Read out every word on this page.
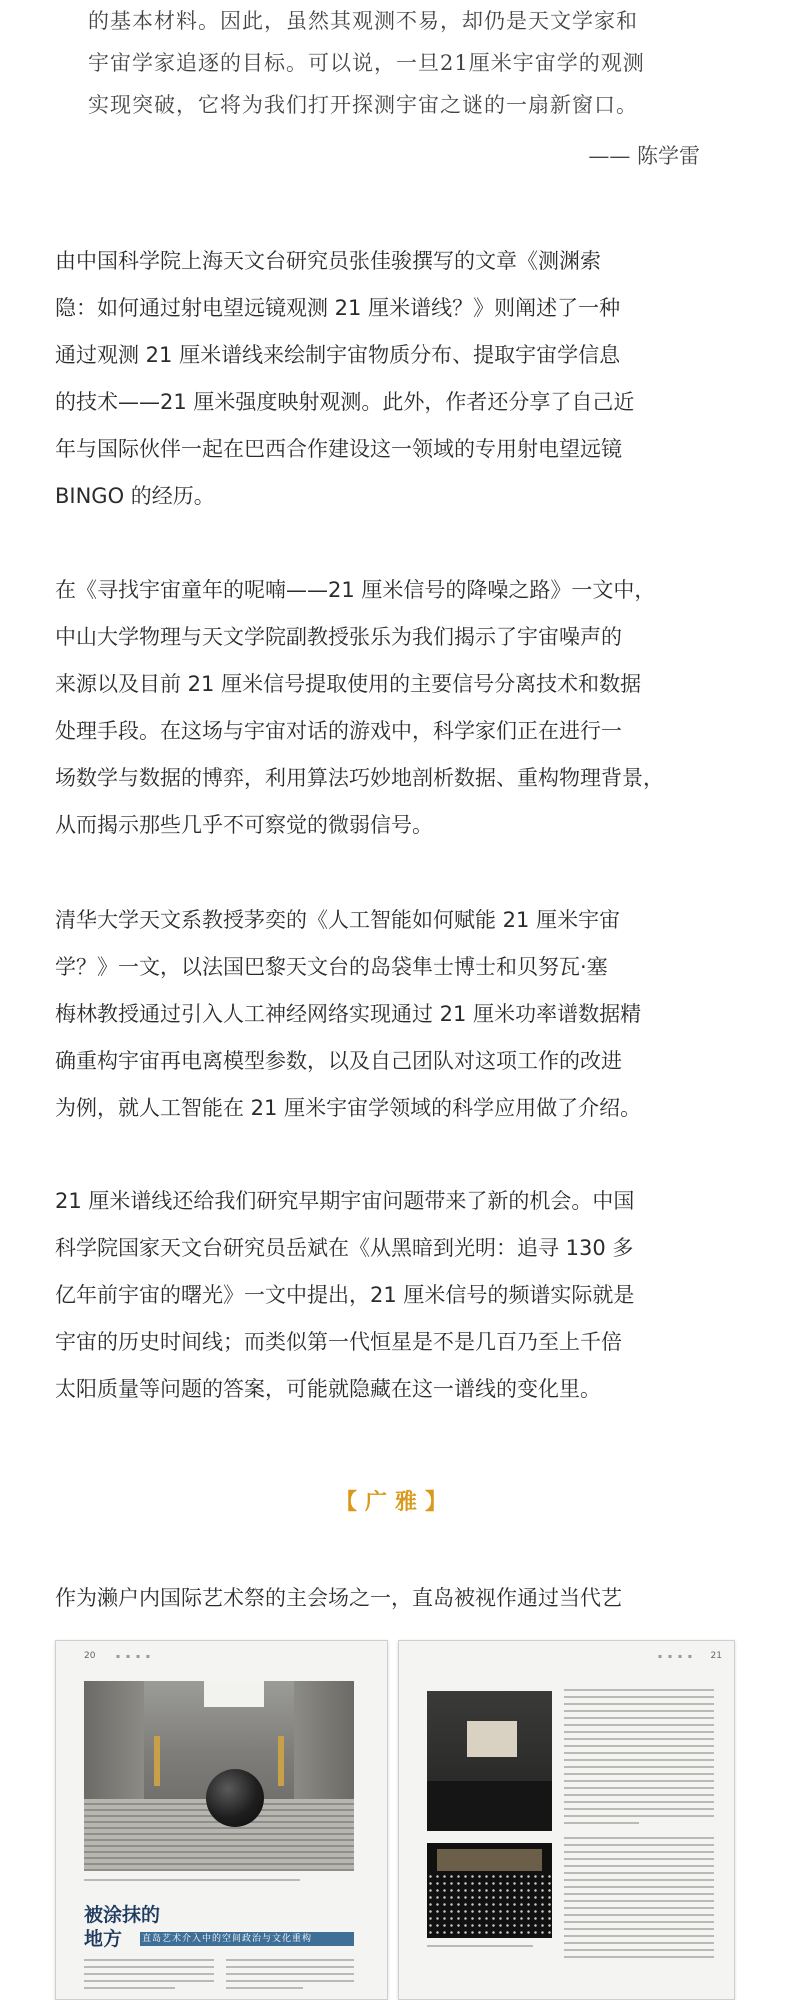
的基本材料。因此，虽然其观测不易，却仍是天文学家和
宇宙学家追逐的目标。可以说，一旦21厘米宇宙学的观测
实现突破，它将为我们打开探测宇宙之谜的一扇新窗口。
—— 陈学雷
由中国科学院上海天文台研究员张佳骏撰写的文章《测渊索
隐：如何通过射电望远镜观测 21 厘米谱线？》则阐述了一种
通过观测 21 厘米谱线来绘制宇宙物质分布、提取宇宙学信息
的技术——21 厘米强度映射观测。此外，作者还分享了自己近
年与国际伙伴一起在巴西合作建设这一领域的专用射电望远镜
BINGO 的经历。
在《寻找宇宙童年的呢喃——21 厘米信号的降噪之路》一文中，
中山大学物理与天文学院副教授张乐为我们揭示了宇宙噪声的
来源以及目前 21 厘米信号提取使用的主要信号分离技术和数据
处理手段。在这场与宇宙对话的游戏中，科学家们正在进行一
场数学与数据的博弈，利用算法巧妙地剖析数据、重构物理背景，
从而揭示那些几乎不可察觉的微弱信号。
清华大学天文系教授茅奕的《人工智能如何赋能 21 厘米宇宙
学？》一文，以法国巴黎天文台的岛袋隼士博士和贝努瓦·塞
梅林教授通过引入人工神经网络实现通过 21 厘米功率谱数据精
确重构宇宙再电离模型参数，以及自己团队对这项工作的改进
为例，就人工智能在 21 厘米宇宙学领域的科学应用做了介绍。
21 厘米谱线还给我们研究早期宇宙问题带来了新的机会。中国
科学院国家天文台研究员岳斌在《从黑暗到光明：追寻 130 多
亿年前宇宙的曙光》一文中提出，21 厘米信号的频谱实际就是
宇宙的历史时间线；而类似第一代恒星是不是几百乃至上千倍
太阳质量等问题的答案，可能就隐藏在这一谱线的变化里。
【广雅】
作为濑户内国际艺术祭的主会场之一，直岛被视作通过当代艺
20	▪ ▪ ▪ ▪
被涂抹的
地方	直岛艺术介入中的空间政治与文化重构
▪ ▪ ▪ ▪ 21
